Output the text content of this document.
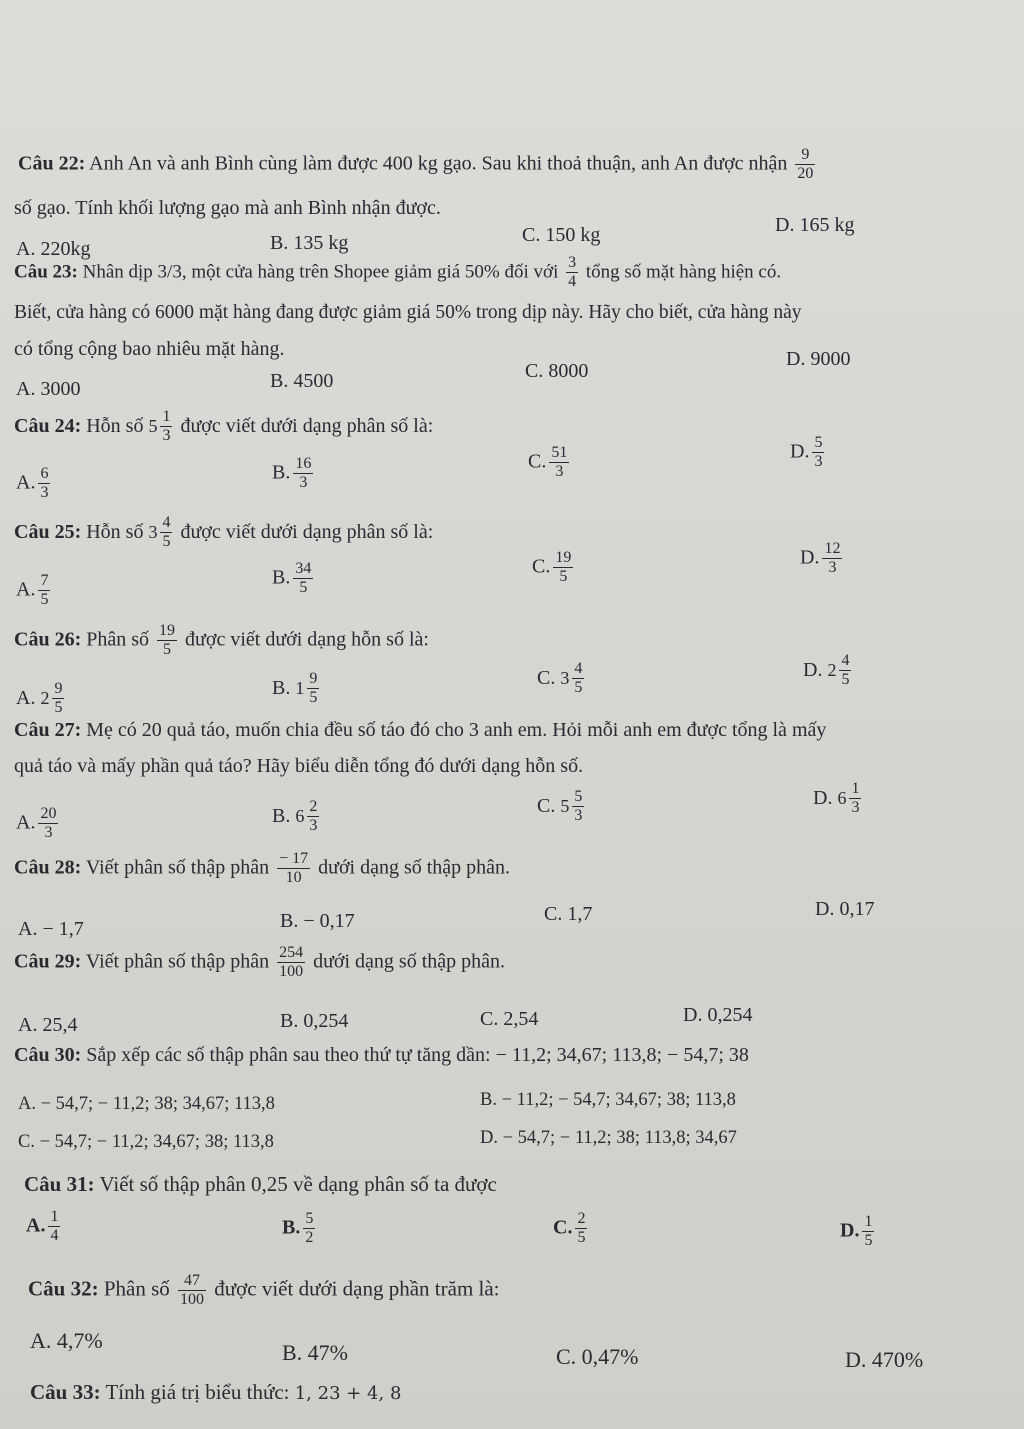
Câu 22: Anh An và anh Bình cùng làm được 400 kg gạo. Sau khi thoả thuận, anh An được nhận $\frac{9}{20}$
số gạo. Tính khối lượng gạo mà anh Bình nhận được.
A. 220kg	B. 135 kg	C. 150 kg	D. 165 kg
Câu 23: Nhân dịp 3/3, một cửa hàng trên Shopee giảm giá 50% đối với $\frac{3}{4}$ tổng số mặt hàng hiện có.
Biết, cửa hàng có 6000 mặt hàng đang được giảm giá 50% trong dịp này. Hãy cho biết, cửa hàng này
có tổng cộng bao nhiêu mặt hàng.
A. 3000	B. 4500	C. 8000
D. 9000
Câu 24: Hỗn số $5 \frac{1}{3}$ được viết dưới dạng phân số là:
A. $\frac{6}{3}$	B. $\frac{16}{3}$	C. $\frac{51}{3}$	D. $\frac{5}{3}$
Câu 25: Hỗn số $3 \frac{4}{5}$ được viết dưới dạng phân số là:
A. $\frac{7}{5}$	B. $\frac{34}{5}$	C. $\frac{19}{5}$	D. $\frac{12}{3}$
Câu 26: Phân số $\frac{19}{5}$ được viết dưới dạng hỗn số là:
A.
$2 \frac{9}{5}$	B.
$1 \frac{9}{5}$	C.
$3 \frac{4}{5}$	D.
$2 \frac{4}{5}$
Câu 27: Mẹ có 20 quả táo, muốn chia đều số táo đó cho 3 anh em. Hỏi mỗi anh em được tổng là mấy
quả táo và mấy phần quả táo? Hãy biểu diễn tổng đó dưới dạng hỗn số.
A. $\frac{20}{3}$	B.
$6 \frac{2}{3}$	C.
$5 \frac{5}{3}$	D.
$6 \frac{1}{3}$
Câu 28: Viết phân số thập phân $\frac{- 17}{10}$ dưới dạng số thập phân.
A. − 1,7	B. − 0,17	C. 1,7	D. 0,17
Câu 29: Viết phân số thập phân $\frac{254}{100}$ dưới dạng số thập phân.
A. 25,4	B. 0,254	C. 2,54	D. 0,254
Câu 30: Sắp xếp các số thập phân sau theo thứ tự tăng dần: − 11,2; 34,67; 113,8; − 54,7; 38
A. − 54,7; − 11,2; 38; 34,67; 113,8	B. − 11,2; − 54,7; 34,67; 38; 113,8
C. − 54,7; − 11,2; 34,67; 38; 113,8	D. − 54,7; − 11,2; 38; 113,8; 34,67
Câu 31: Viết số thập phân 0,25 về dạng phân số ta được
A. $\frac{1}{4}$	B. $\frac{5}{2}$	C. $\frac{2}{5}$	D. $\frac{1}{5}$
Câu 32: Phân số $\frac{47}{100}$ được viết dưới dạng phần trăm là:
A. 4,7%	B. 47%	C. 0,47%	D. 470%
Câu 33: Tính giá trị biểu thức: 1, 23 + 4, 8
